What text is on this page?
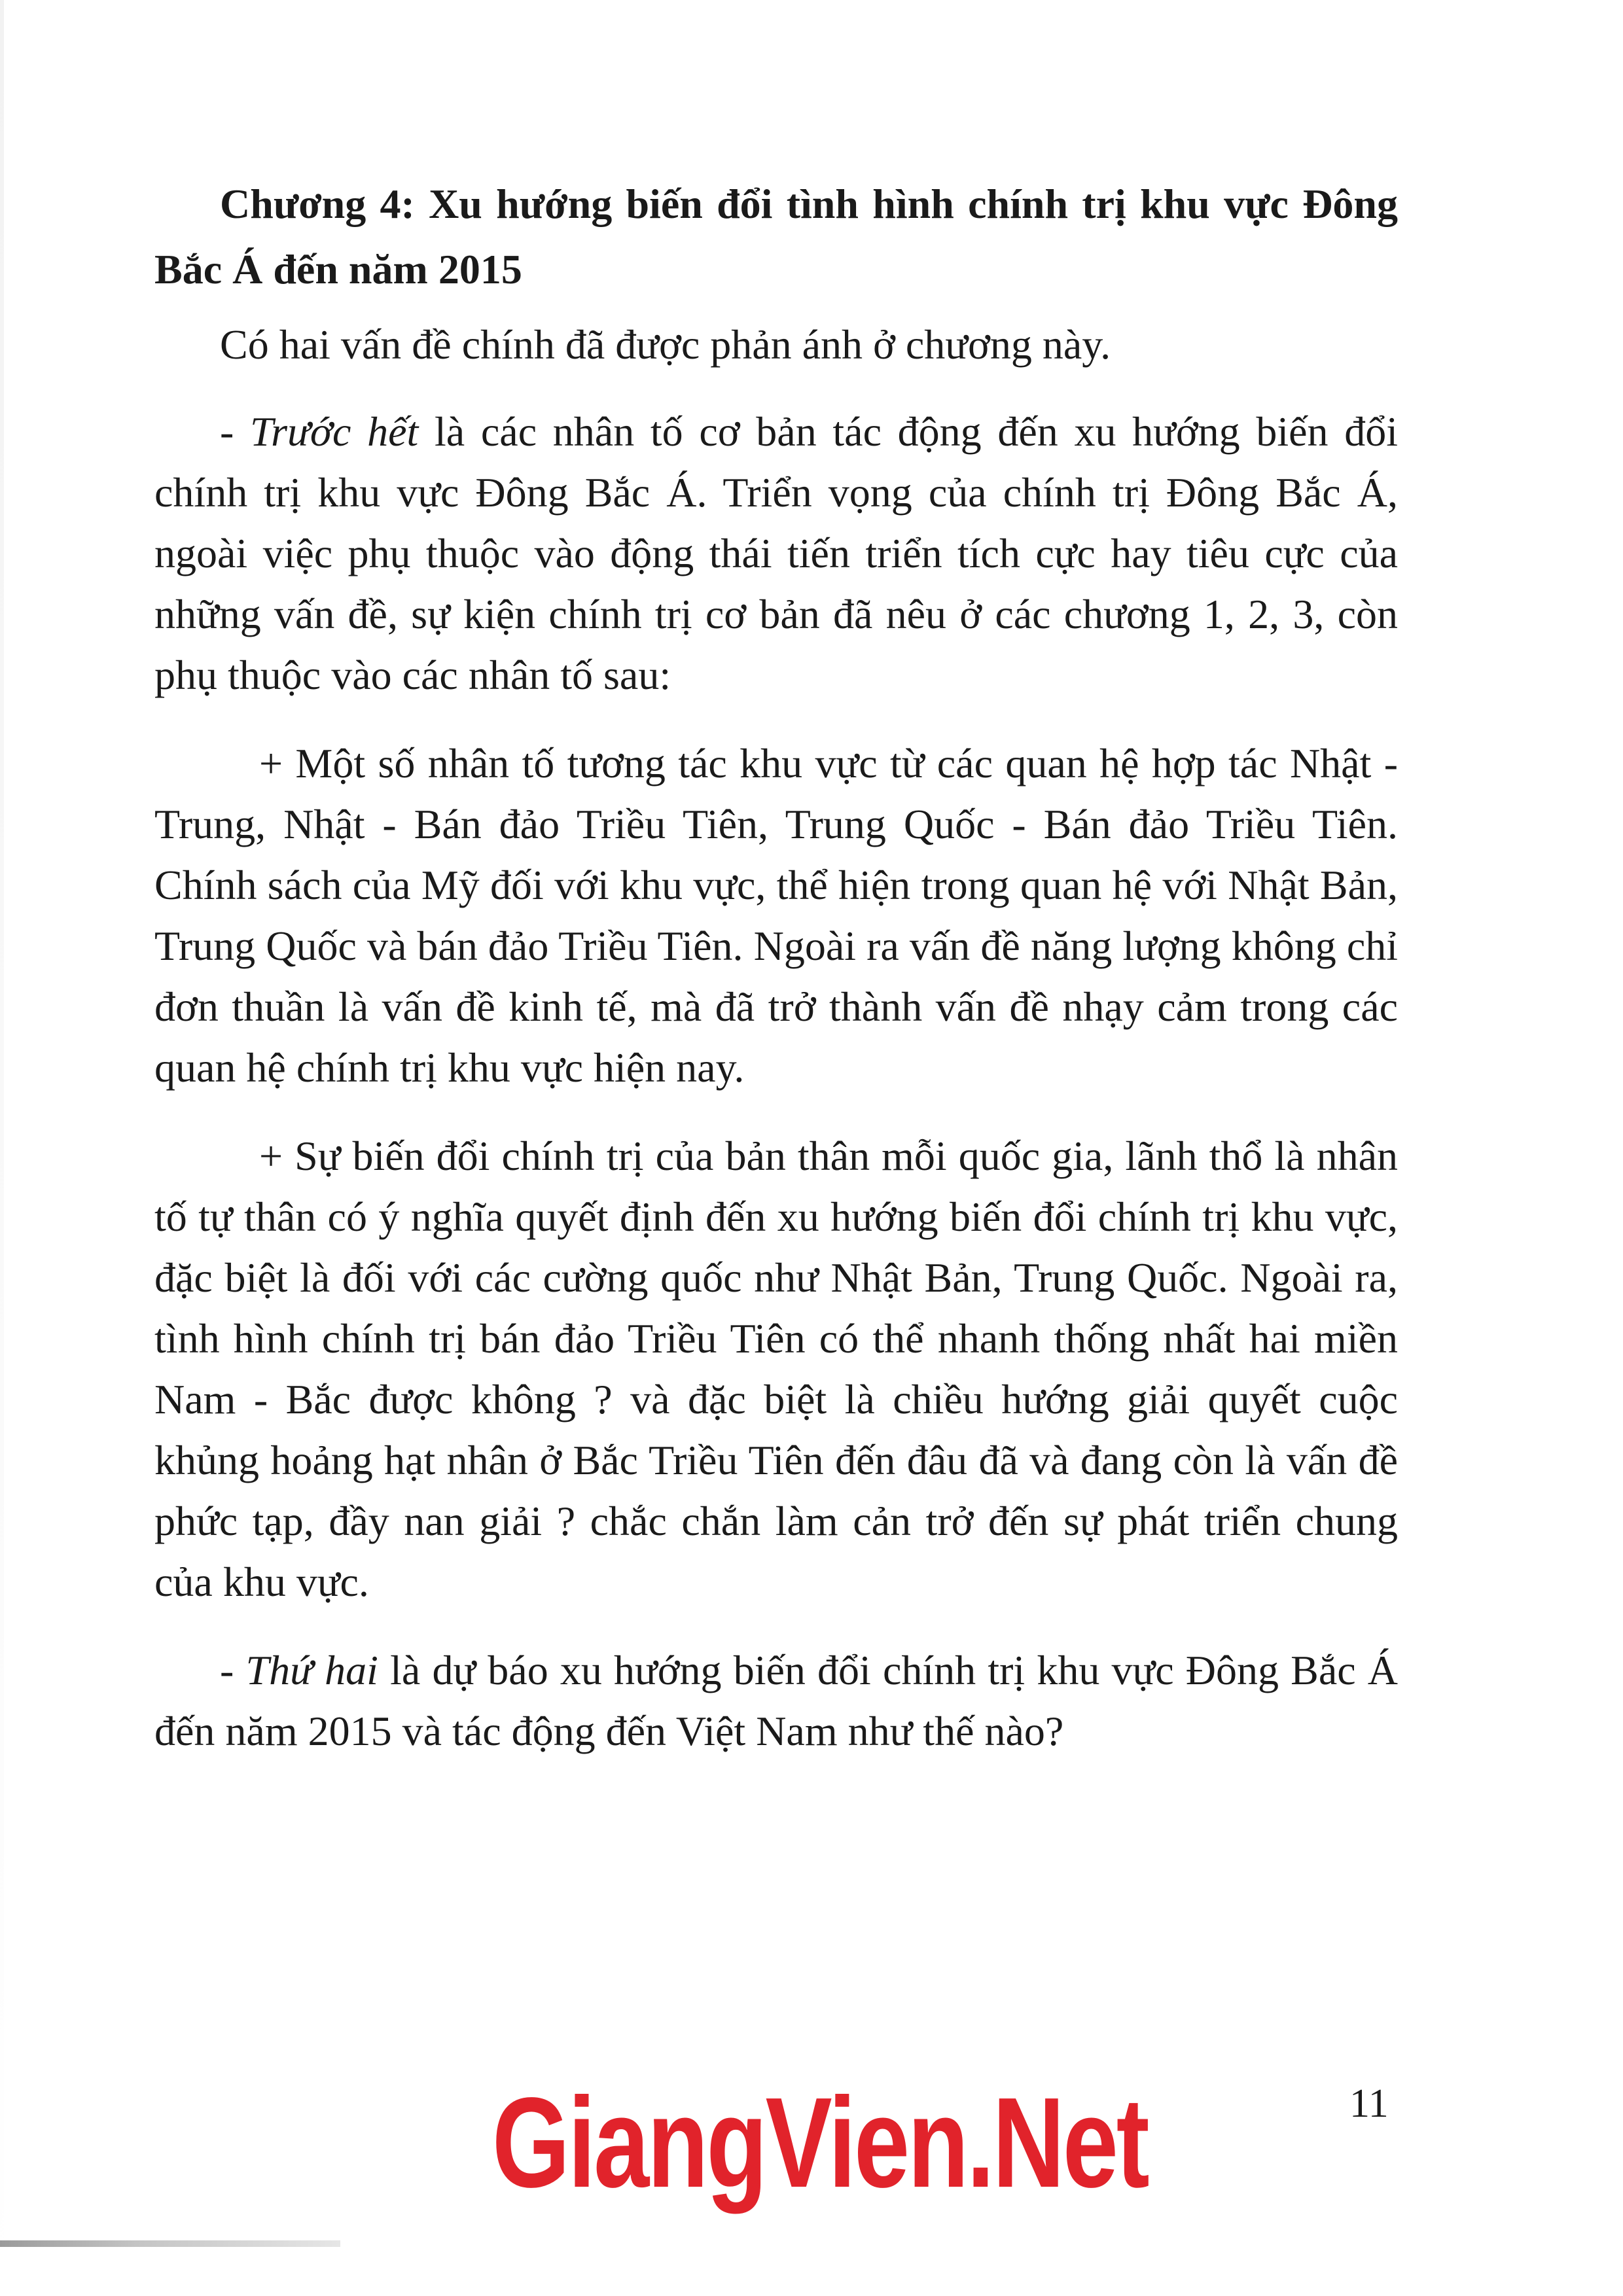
Chương 4: Xu hướng biến đổi tình hình chính trị khu vực Đông Bắc Á đến năm 2015

Có hai vấn đề chính đã được phản ánh ở chương này.

- Trước hết là các nhân tố cơ bản tác động đến xu hướng biến đổi chính trị khu vực Đông Bắc Á. Triển vọng của chính trị Đông Bắc Á, ngoài việc phụ thuộc vào động thái tiến triển tích cực hay tiêu cực của những vấn đề, sự kiện chính trị cơ bản đã nêu ở các chương 1, 2, 3, còn phụ thuộc vào các nhân tố sau:

+ Một số nhân tố tương tác khu vực từ các quan hệ hợp tác Nhật -Trung, Nhật - Bán đảo Triều Tiên, Trung Quốc - Bán đảo Triều Tiên. Chính sách của Mỹ đối với khu vực, thể hiện trong quan hệ với Nhật Bản, Trung Quốc và bán đảo Triều Tiên. Ngoài ra vấn đề năng lượng không chỉ đơn thuần là vấn đề kinh tế, mà đã trở thành vấn đề nhạy cảm trong các quan hệ chính trị khu vực hiện nay.

+ Sự biến đổi chính trị của bản thân mỗi quốc gia, lãnh thổ là nhân tố tự thân có ý nghĩa quyết định đến xu hướng biến đổi chính trị khu vực, đặc biệt là đối với các cường quốc như Nhật Bản, Trung Quốc. Ngoài ra, tình hình chính trị bán đảo Triều Tiên có thể nhanh thống nhất hai miền Nam - Bắc được không ? và đặc biệt là chiều hướng giải quyết cuộc khủng hoảng hạt nhân ở Bắc Triều Tiên đến đâu đã và đang còn là vấn đề phức tạp, đầy nan giải ? chắc chắn làm cản trở đến sự phát triển chung của khu vực.

- Thứ hai là dự báo xu hướng biến đổi chính trị khu vực Đông Bắc Á đến năm 2015 và tác động đến Việt Nam như thế nào?

11
GiangVien.Net
